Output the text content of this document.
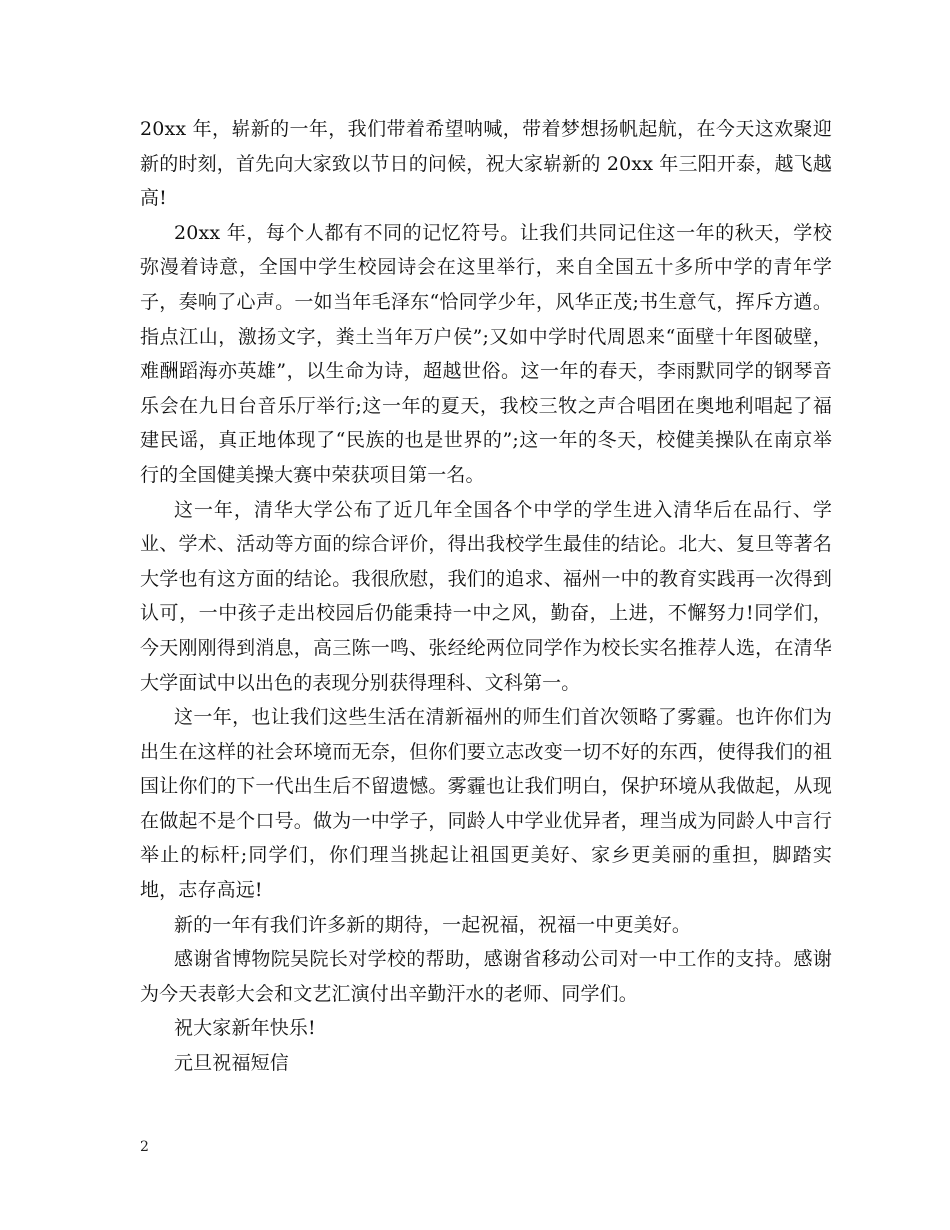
20xx 年，崭新的一年，我们带着希望呐喊，带着梦想扬帆起航，在今天这欢聚迎新的时刻，首先向大家致以节日的问候，祝大家崭新的 20xx 年三阳开泰，越飞越高!

20xx 年，每个人都有不同的记忆符号。让我们共同记住这一年的秋天，学校弥漫着诗意，全国中学生校园诗会在这里举行，来自全国五十多所中学的青年学子，奏响了心声。一如当年毛泽东“恰同学少年，风华正茂;书生意气，挥斥方遒。指点江山，激扬文字，粪土当年万户侯”;又如中学时代周恩来“面壁十年图破壁，难酬蹈海亦英雄”，以生命为诗，超越世俗。这一年的春天，李雨默同学的钢琴音乐会在九日台音乐厅举行;这一年的夏天，我校三牧之声合唱团在奥地利唱起了福建民谣，真正地体现了“民族的也是世界的”;这一年的冬天，校健美操队在南京举行的全国健美操大赛中荣获项目第一名。

这一年，清华大学公布了近几年全国各个中学的学生进入清华后在品行、学业、学术、活动等方面的综合评价，得出我校学生最佳的结论。北大、复旦等著名大学也有这方面的结论。我很欣慰，我们的追求、福州一中的教育实践再一次得到认可，一中孩子走出校园后仍能秉持一中之风，勤奋，上进，不懈努力!同学们，今天刚刚得到消息，高三陈一鸣、张经纶两位同学作为校长实名推荐人选，在清华大学面试中以出色的表现分别获得理科、文科第一。

这一年，也让我们这些生活在清新福州的师生们首次领略了雾霾。也许你们为出生在这样的社会环境而无奈，但你们要立志改变一切不好的东西，使得我们的祖国让你们的下一代出生后不留遗憾。雾霾也让我们明白，保护环境从我做起，从现在做起不是个口号。做为一中学子，同龄人中学业优异者，理当成为同龄人中言行举止的标杆;同学们，你们理当挑起让祖国更美好、家乡更美丽的重担，脚踏实地，志存高远!

新的一年有我们许多新的期待，一起祝福，祝福一中更美好。

感谢省博物院吴院长对学校的帮助，感谢省移动公司对一中工作的支持。感谢为今天表彰大会和文艺汇演付出辛勤汗水的老师、同学们。

祝大家新年快乐!

元旦祝福短信

2
